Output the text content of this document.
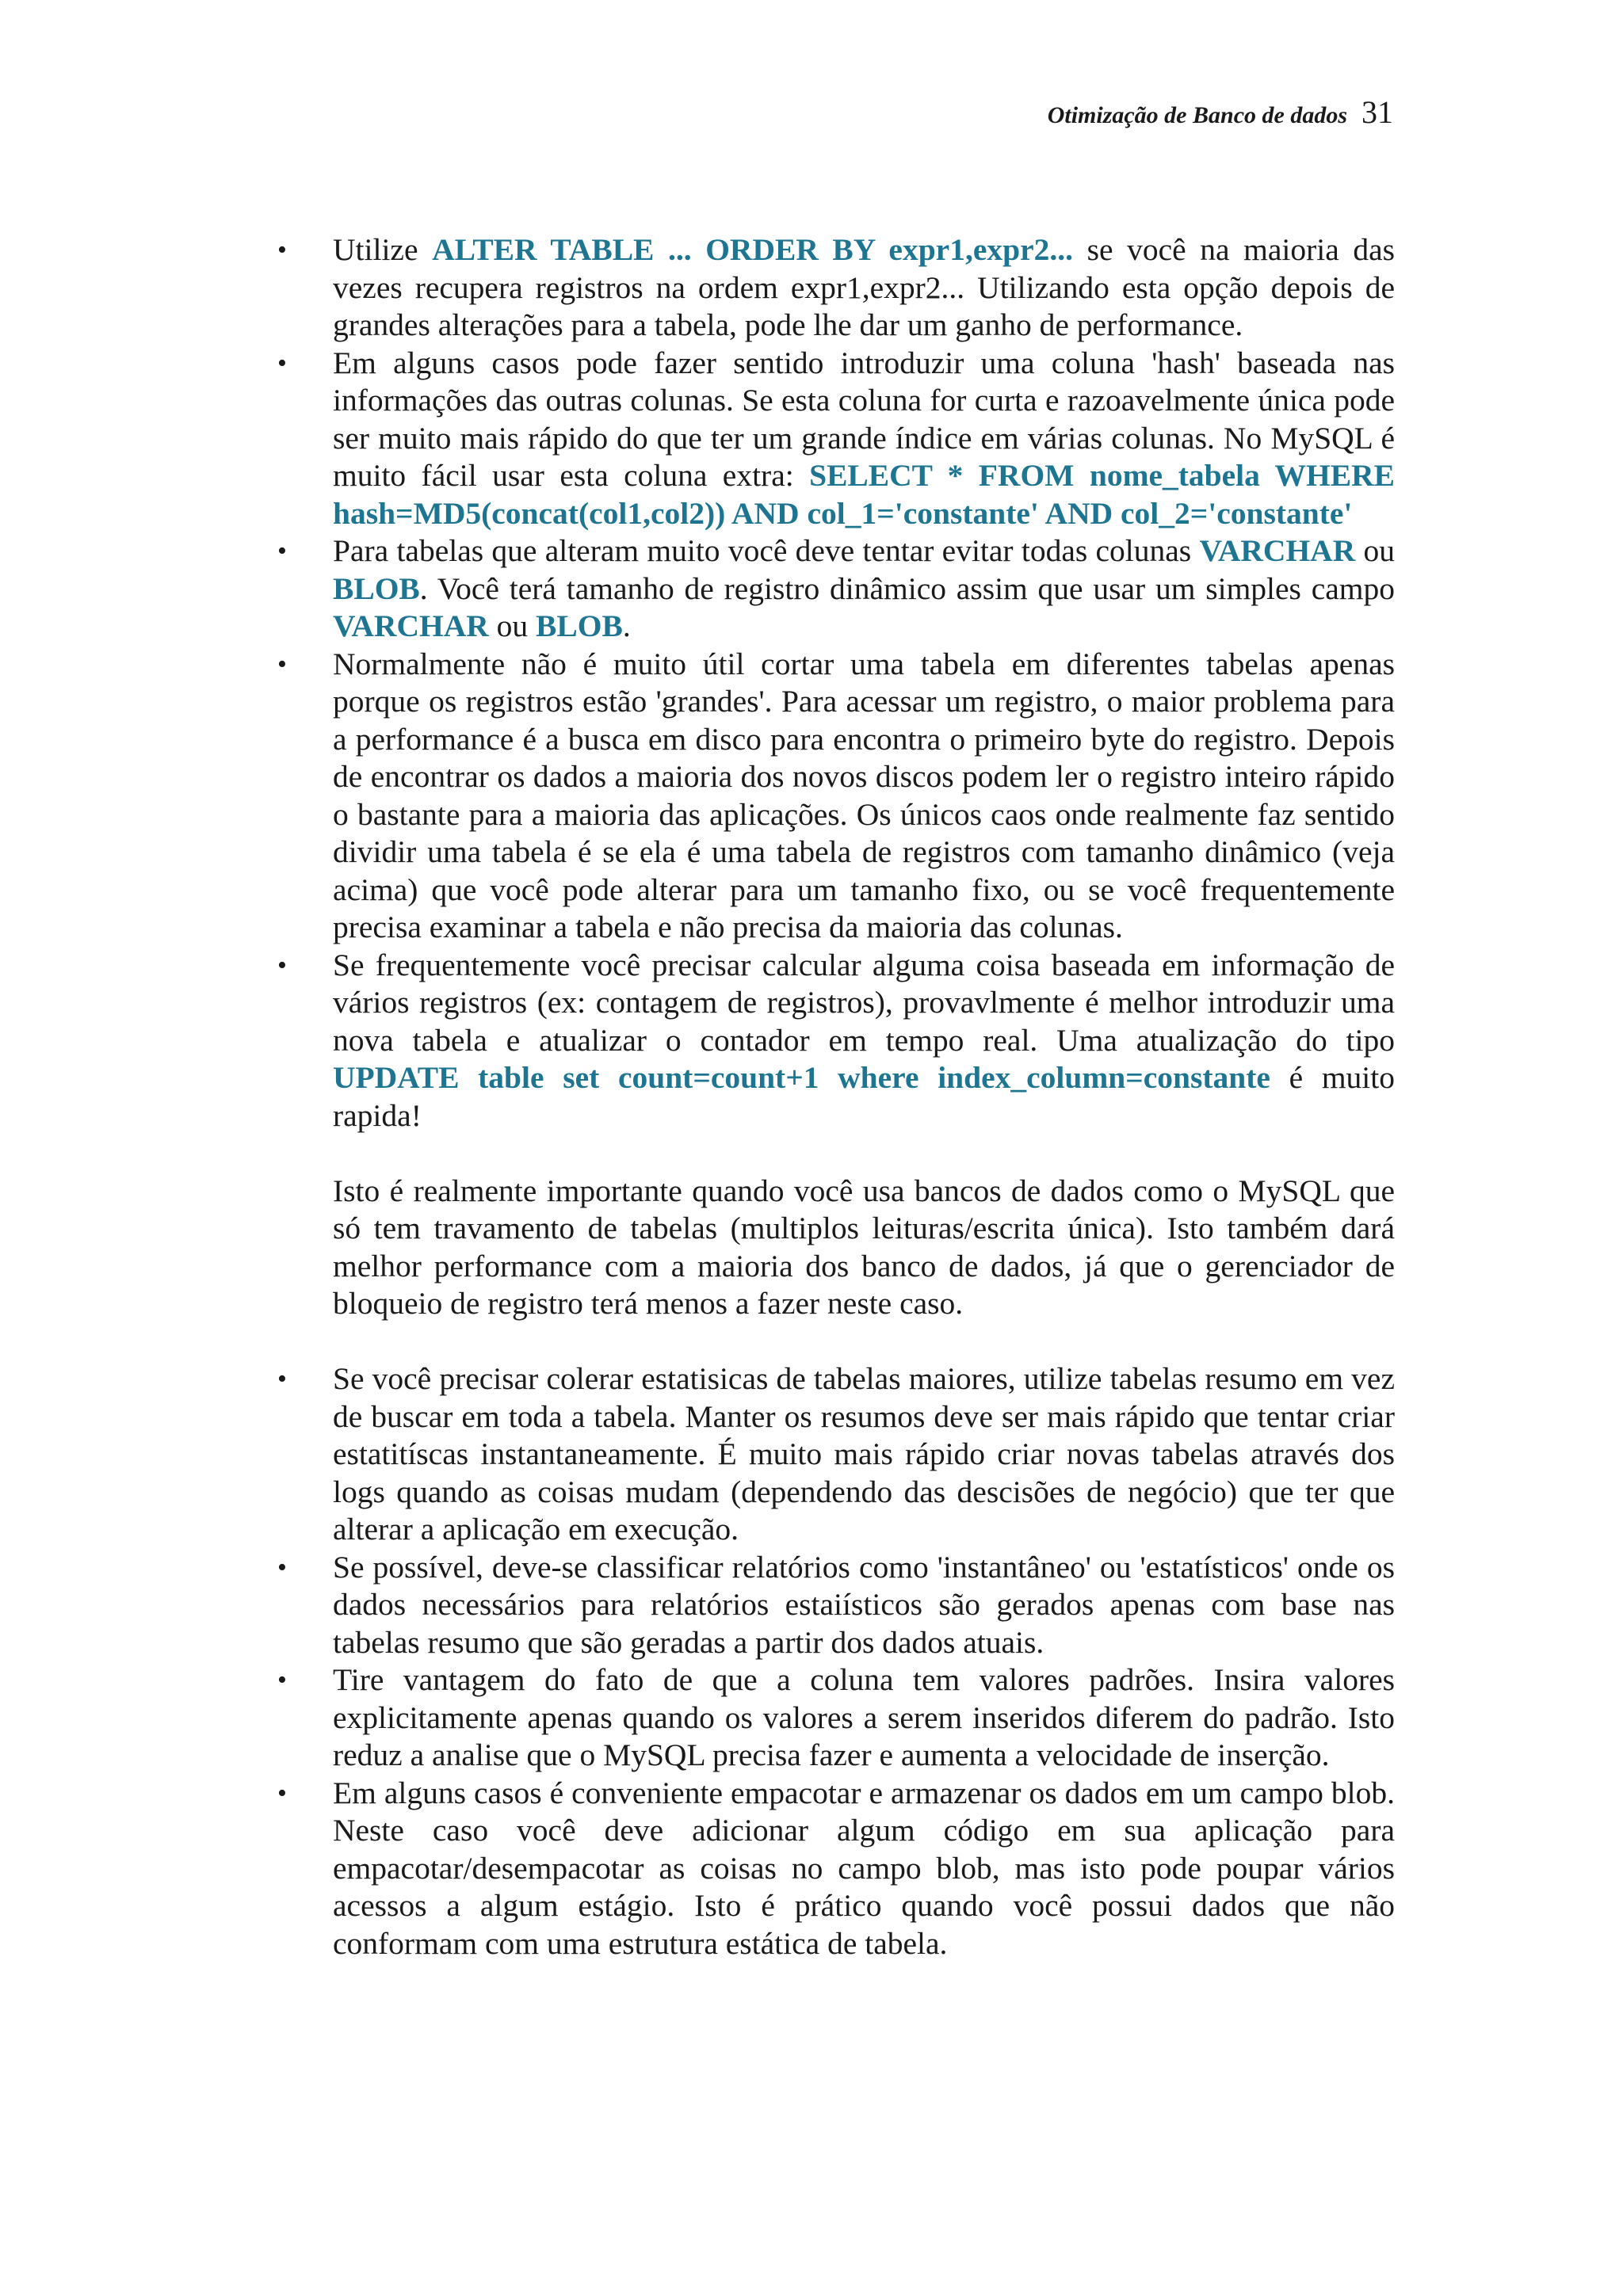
Otimização de Banco de dados 31
• Utilize ALTER TABLE ... ORDER BY expr1,expr2... se você na maioria das vezes recupera registros na ordem expr1,expr2... Utilizando esta opção depois de grandes alterações para a tabela, pode lhe dar um ganho de performance.
• Em alguns casos pode fazer sentido introduzir uma coluna 'hash' baseada nas informações das outras colunas. Se esta coluna for curta e razoavelmente única pode ser muito mais rápido do que ter um grande índice em várias colunas. No MySQL é muito fácil usar esta coluna extra: SELECT * FROM nome_tabela WHERE hash=MD5(concat(col1,col2)) AND col_1='constante' AND col_2='constante'
• Para tabelas que alteram muito você deve tentar evitar todas colunas VARCHAR ou BLOB. Você terá tamanho de registro dinâmico assim que usar um simples campo VARCHAR ou BLOB.
• Normalmente não é muito útil cortar uma tabela em diferentes tabelas apenas porque os registros estão 'grandes'. Para acessar um registro, o maior problema para a performance é a busca em disco para encontra o primeiro byte do registro. Depois de encontrar os dados a maioria dos novos discos podem ler o registro inteiro rápido o bastante para a maioria das aplicações. Os únicos caos onde realmente faz sentido dividir uma tabela é se ela é uma tabela de registros com tamanho dinâmico (veja acima) que você pode alterar para um tamanho fixo, ou se você frequentemente precisa examinar a tabela e não precisa da maioria das colunas.
• Se frequentemente você precisar calcular alguma coisa baseada em informação de vários registros (ex: contagem de registros), provavlmente é melhor introduzir uma nova tabela e atualizar o contador em tempo real. Uma atualização do tipo UPDATE table set count=count+1 where index_column=constante é muito rapida!
Isto é realmente importante quando você usa bancos de dados como o MySQL que só tem travamento de tabelas (multiplos leituras/escrita única). Isto também dará melhor performance com a maioria dos banco de dados, já que o gerenciador de bloqueio de registro terá menos a fazer neste caso.
• Se você precisar colerar estatisicas de tabelas maiores, utilize tabelas resumo em vez de buscar em toda a tabela. Manter os resumos deve ser mais rápido que tentar criar estatitíscas instantaneamente. É muito mais rápido criar novas tabelas através dos logs quando as coisas mudam (dependendo das descisões de negócio) que ter que alterar a aplicação em execução.
• Se possível, deve-se classificar relatórios como 'instantâneo' ou 'estatísticos' onde os dados necessários para relatórios estaiísticos são gerados apenas com base nas tabelas resumo que são geradas a partir dos dados atuais.
• Tire vantagem do fato de que a coluna tem valores padrões. Insira valores explicitamente apenas quando os valores a serem inseridos diferem do padrão. Isto reduz a analise que o MySQL precisa fazer e aumenta a velocidade de inserção.
• Em alguns casos é conveniente empacotar e armazenar os dados em um campo blob. Neste caso você deve adicionar algum código em sua aplicação para empacotar/desempacotar as coisas no campo blob, mas isto pode poupar vários acessos a algum estágio. Isto é prático quando você possui dados que não conformam com uma estrutura estática de tabela.
